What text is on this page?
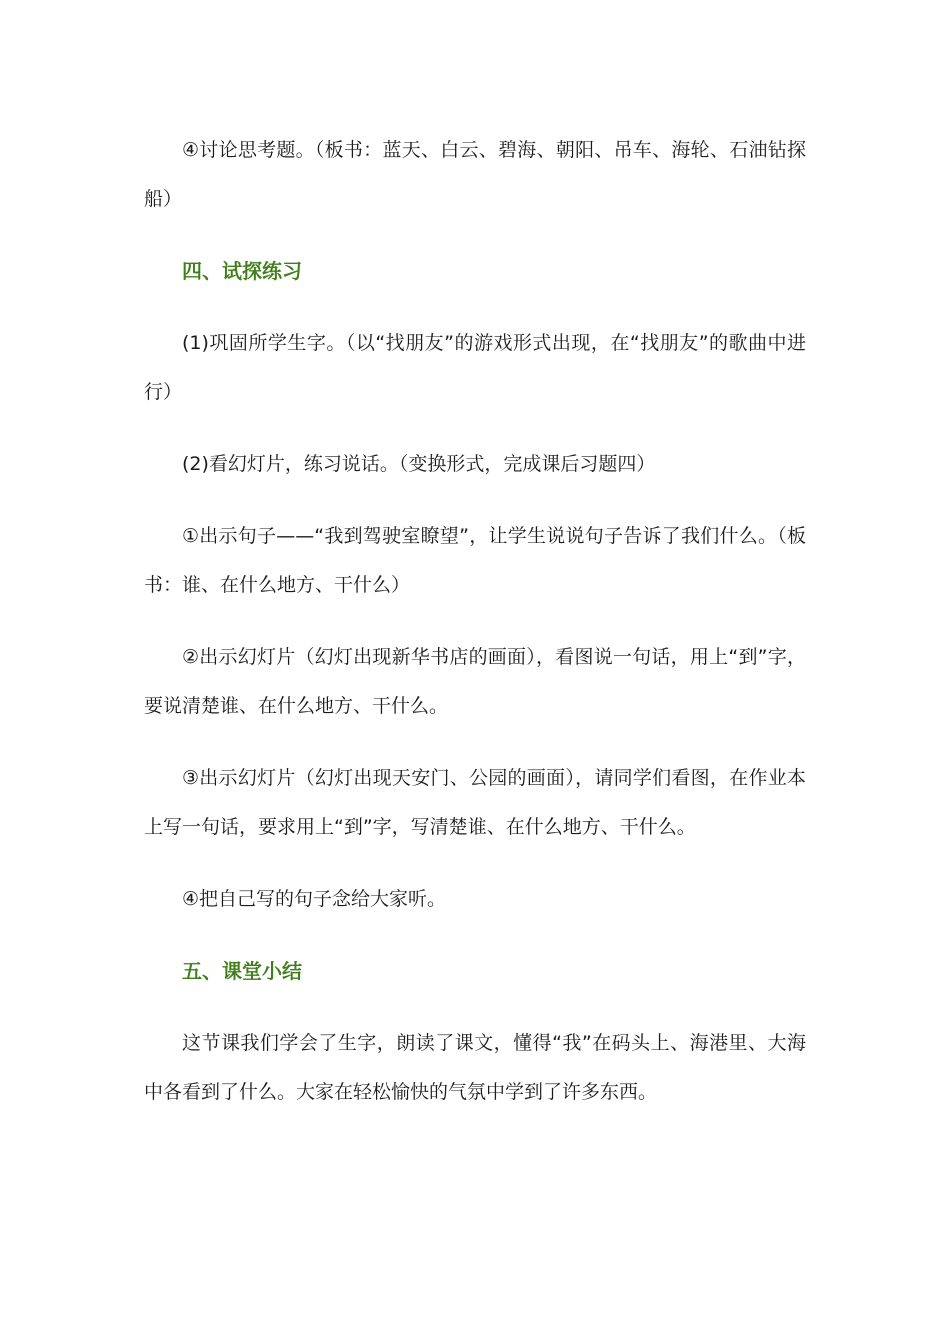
④讨论思考题。（板书：蓝天、白云、碧海、朝阳、吊车、海轮、石油钻探船）

四、试探练习

(1)巩固所学生字。（以“找朋友”的游戏形式出现，在“找朋友”的歌曲中进行）

(2)看幻灯片，练习说话。（变换形式，完成课后习题四）

①出示句子——“我到驾驶室瞭望”，让学生说说句子告诉了我们什么。（板书：谁、在什么地方、干什么）

②出示幻灯片（幻灯出现新华书店的画面），看图说一句话，用上“到”字，要说清楚谁、在什么地方、干什么。

③出示幻灯片（幻灯出现天安门、公园的画面），请同学们看图，在作业本上写一句话，要求用上“到”字，写清楚谁、在什么地方、干什么。

④把自己写的句子念给大家听。

五、课堂小结

这节课我们学会了生字，朗读了课文，懂得“我”在码头上、海港里、大海中各看到了什么。大家在轻松愉快的气氛中学到了许多东西。
